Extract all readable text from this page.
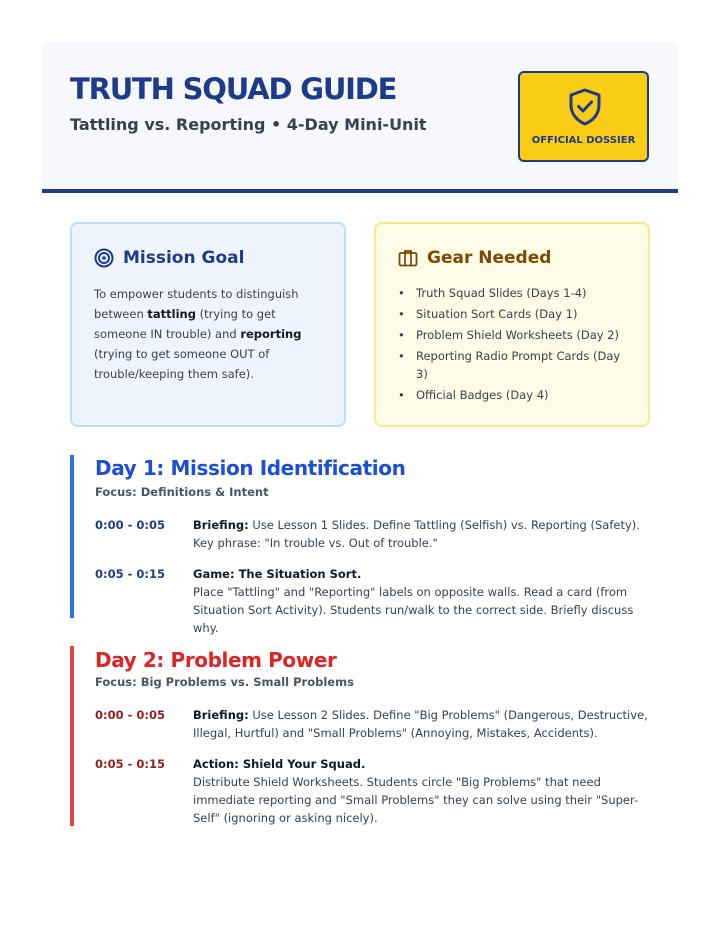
TRUTH SQUAD GUIDE
Tattling vs. Reporting • 4-Day Mini-Unit
OFFICIAL DOSSIER
Mission Goal

To empower students to distinguish between tattling (trying to get someone IN trouble) and reporting (trying to get someone OUT of trouble/keeping them safe).

Gear Needed
• Truth Squad Slides (Days 1-4)
• Situation Sort Cards (Day 1)
• Problem Shield Worksheets (Day 2)
• Reporting Radio Prompt Cards (Day 3)
• Official Badges (Day 4)
Day 1: Mission Identification
Focus: Definitions & Intent
0:00 - 0:05 Briefing: Use Lesson 1 Slides. Define Tattling (Selfish) vs. Reporting (Safety). Key phrase: "In trouble vs. Out of trouble."
0:05 - 0:15 Game: The Situation Sort.
Place "Tattling" and "Reporting" labels on opposite walls. Read a card (from Situation Sort Activity). Students run/walk to the correct side. Briefly discuss why.
Day 2: Problem Power
Focus: Big Problems vs. Small Problems
0:00 - 0:05 Briefing: Use Lesson 2 Slides. Define "Big Problems" (Dangerous, Destructive, Illegal, Hurtful) and "Small Problems" (Annoying, Mistakes, Accidents).
0:05 - 0:15 Action: Shield Your Squad.
Distribute Shield Worksheets. Students circle "Big Problems" that need immediate reporting and "Small Problems" they can solve using their "Super-Self" (ignoring or asking nicely).
